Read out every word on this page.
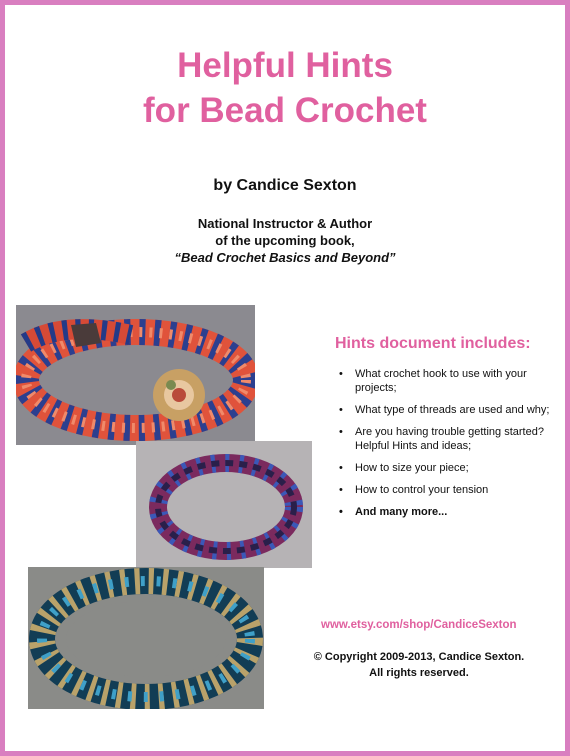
Helpful Hints
for Bead Crochet
by Candice Sexton
National Instructor & Author
of the upcoming book,
“Bead Crochet Basics and Beyond”
Hints document includes:
• What crochet hook to use with your projects;
• What type of threads are used and why;
• Are you having trouble getting started? Helpful Hints and ideas;
• How to size your piece;
• How to control your tension
• And many more...
www.etsy.com/shop/CandiceSexton
© Copyright 2009-2013, Candice Sexton.
All rights reserved.
